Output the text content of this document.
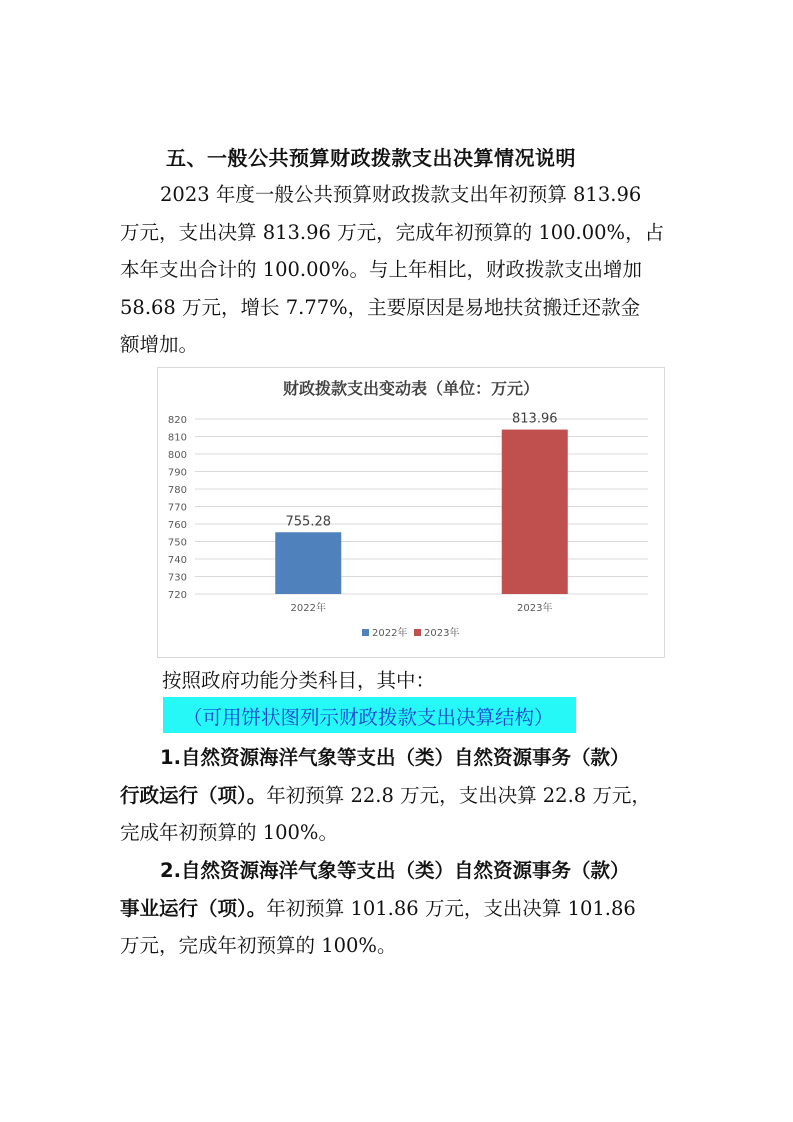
五、一般公共预算财政拨款支出决算情况说明
2023 年度一般公共预算财政拨款支出年初预算 813.96
万元，支出决算 813.96 万元，完成年初预算的 100.00%，占
本年支出合计的 100.00%。与上年相比，财政拨款支出增加
58.68 万元，增长 7.77%，主要原因是易地扶贫搬迁还款金
额增加。
财政拨款支出变动表（单位：万元）
720
730
740
750
760
770
780
790
800
810
820
755.28
2022年
813.96
2023年
2022年 2023年
按照政府功能分类科目，其中：
（可用饼状图列示财政拨款支出决算结构）
1.自然资源海洋气象等支出（类）自然资源事务（款）
行政运行（项）。年初预算 22.8 万元，支出决算 22.8 万元，
完成年初预算的 100%。
2.自然资源海洋气象等支出（类）自然资源事务（款）
事业运行（项）。年初预算 101.86 万元，支出决算 101.86
万元，完成年初预算的 100%。
